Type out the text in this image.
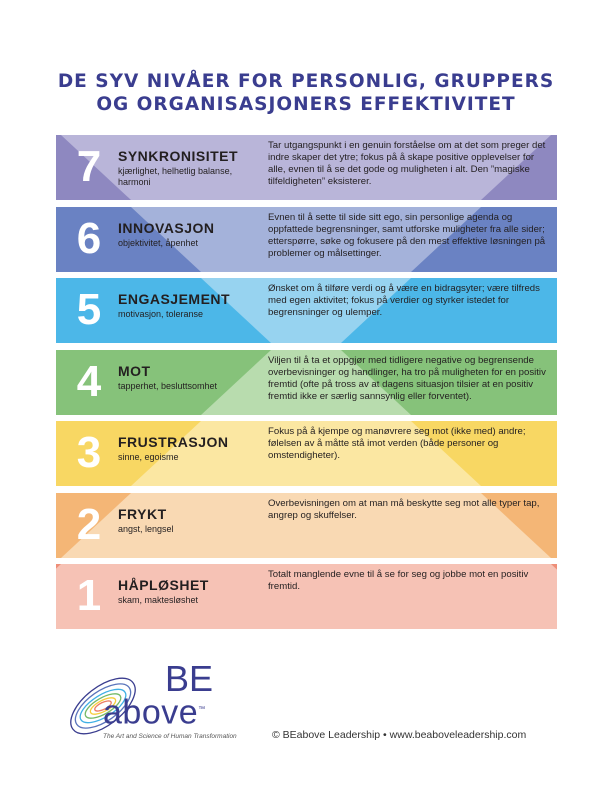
DE SYV NIVÅER FOR PERSONLIG, GRUPPERS
OG ORGANISASJONERS EFFEKTIVITET
7	SYNKRONISITET
kjærlighet, helhetlig balanse, harmoni
Tar utgangspunkt i en genuin forståelse om at det som preger det indre skaper det ytre; fokus på å skape positive opplevelser for alle, evnen til å se det gode og muligheten i alt. Den ”magiske tilfeldigheten” eksisterer.
6	INNOVASJON
objektivitet, åpenhet
Evnen til å sette til side sitt ego, sin personlige agenda og oppfattede begrensninger, samt utforske muligheter fra alle sider; etterspørre, søke og fokusere på den mest effektive løsningen på problemer og målsettinger.
5	ENGASJEMENT
motivasjon, toleranse
Ønsket om å tilføre verdi og å være en bidragsyter; være tilfreds med egen aktivitet; fokus på verdier og styrker istedet for begrensninger og ulemper.
4	MOT
tapperhet, besluttsomhet
Viljen til å ta et oppgjør med tidligere negative og begrensende overbevisninger og handlinger, ha tro på muligheten for en positiv fremtid (ofte på tross av at dagens situasjon tilsier at en positiv fremtid ikke er særlig sannsynlig eller forventet).
3	FRUSTRASJON
sinne, egoisme
Fokus på å kjempe og manøvrere seg mot (ikke med) andre; følelsen av å måtte stå imot verden (både personer og omstendigheter).
2	FRYKT
angst, lengsel
Overbevisningen om at man må beskytte seg mot alle typer tap, angrep og skuffelser.
1	HÅPLØSHET
skam, maktesløshet
Totalt manglende evne til å se for seg og jobbe mot en positiv fremtid.
BE
above™
The Art and Science of Human Transformation	© BEabove Leadership • www.beaboveleadership.com
